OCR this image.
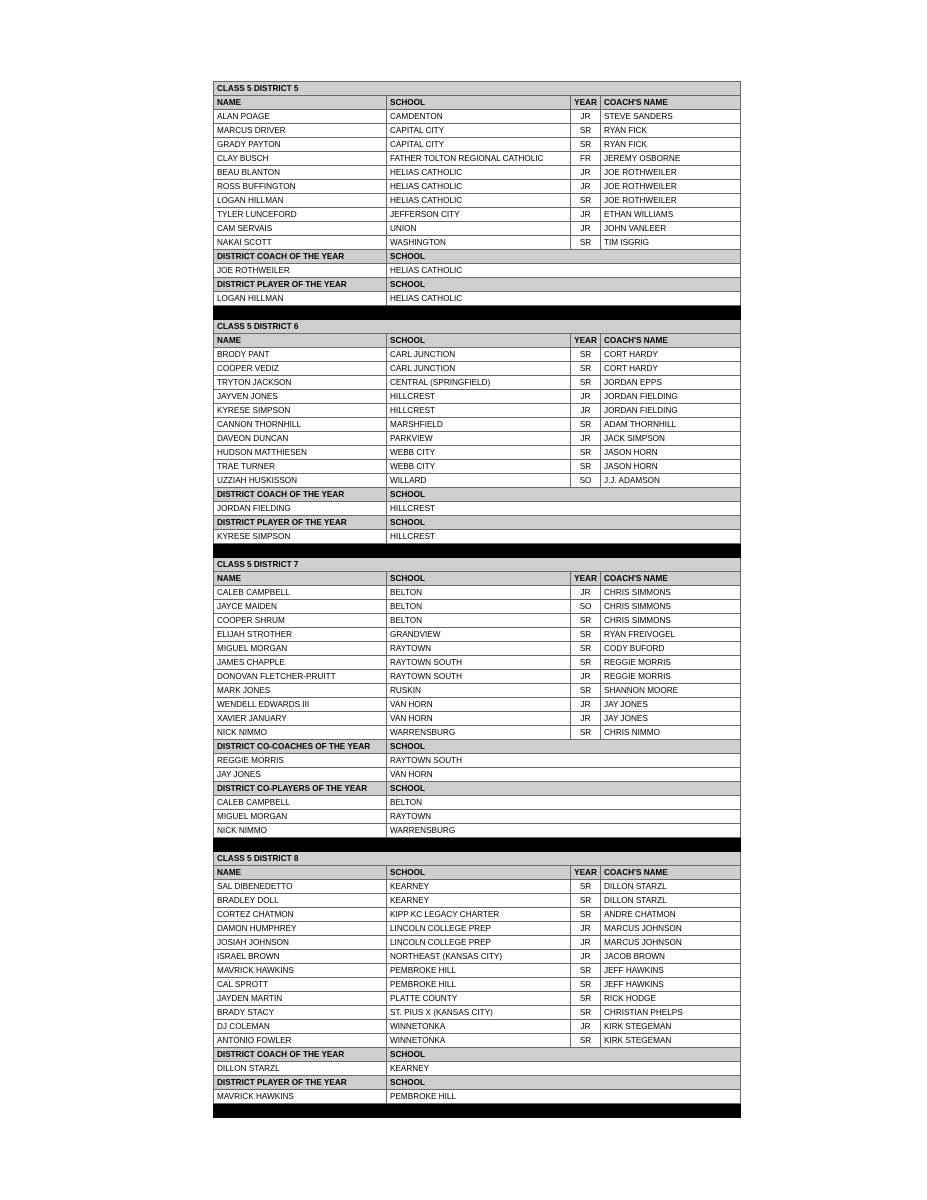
CLASS 5 DISTRICT 5			
NAME	SCHOOL	YEAR	COACH'S NAME
ALAN POAGE	CAMDENTON	JR	STEVE SANDERS
MARCUS DRIVER	CAPITAL CITY	SR	RYAN FICK
GRADY PAYTON	CAPITAL CITY	SR	RYAN FICK
CLAY BUSCH	FATHER TOLTON REGIONAL CATHOLIC	FR	JEREMY OSBORNE
BEAU BLANTON	HELIAS CATHOLIC	JR	JOE ROTHWEILER
ROSS BUFFINGTON	HELIAS CATHOLIC	JR	JOE ROTHWEILER
LOGAN HILLMAN	HELIAS CATHOLIC	SR	JOE ROTHWEILER
TYLER LUNCEFORD	JEFFERSON CITY	JR	ETHAN WILLIAMS
CAM SERVAIS	UNION	JR	JOHN VANLEER
NAKAI SCOTT	WASHINGTON	SR	TIM ISGRIG
DISTRICT COACH OF THE YEAR	SCHOOL		
JOE ROTHWEILER	HELIAS CATHOLIC		
DISTRICT PLAYER OF THE YEAR	SCHOOL		
LOGAN HILLMAN	HELIAS CATHOLIC		

CLASS 5 DISTRICT 6			
NAME	SCHOOL	YEAR	COACH'S NAME
BRODY PANT	CARL JUNCTION	SR	CORT HARDY
COOPER VEDIZ	CARL JUNCTION	SR	CORT HARDY
TRYTON JACKSON	CENTRAL (SPRINGFIELD)	SR	JORDAN EPPS
JAYVEN JONES	HILLCREST	JR	JORDAN FIELDING
KYRESE SIMPSON	HILLCREST	JR	JORDAN FIELDING
CANNON THORNHILL	MARSHFIELD	SR	ADAM THORNHILL
DAVEON DUNCAN	PARKVIEW	JR	JACK SIMPSON
HUDSON MATTHIESEN	WEBB CITY	SR	JASON HORN
TRAE TURNER	WEBB CITY	SR	JASON HORN
UZZIAH HUSKISSON	WILLARD	SO	J.J. ADAMSON
DISTRICT COACH OF THE YEAR	SCHOOL		
JORDAN FIELDING	HILLCREST		
DISTRICT PLAYER OF THE YEAR	SCHOOL		
KYRESE SIMPSON	HILLCREST		

CLASS 5 DISTRICT 7			
NAME	SCHOOL	YEAR	COACH'S NAME
CALEB CAMPBELL	BELTON	JR	CHRIS SIMMONS
JAYCE MAIDEN	BELTON	SO	CHRIS SIMMONS
COOPER SHRUM	BELTON	SR	CHRIS SIMMONS
ELIJAH STROTHER	GRANDVIEW	SR	RYAN FREIVOGEL
MIGUEL MORGAN	RAYTOWN	SR	CODY BUFORD
JAMES CHAPPLE	RAYTOWN SOUTH	SR	REGGIE MORRIS
DONOVAN FLETCHER-PRUITT	RAYTOWN SOUTH	JR	REGGIE MORRIS
MARK JONES	RUSKIN	SR	SHANNON MOORE
WENDELL EDWARDS III	VAN HORN	JR	JAY JONES
XAVIER JANUARY	VAN HORN	JR	JAY JONES
NICK NIMMO	WARRENSBURG	SR	CHRIS NIMMO
DISTRICT CO-COACHES OF THE YEAR	SCHOOL		
REGGIE MORRIS	RAYTOWN SOUTH		
JAY JONES	VAN HORN		
DISTRICT CO-PLAYERS OF THE YEAR	SCHOOL		
CALEB CAMPBELL	BELTON		
MIGUEL MORGAN	RAYTOWN		
NICK NIMMO	WARRENSBURG		

CLASS 5 DISTRICT 8			
NAME	SCHOOL	YEAR	COACH'S NAME
SAL DIBENEDETTO	KEARNEY	SR	DILLON STARZL
BRADLEY DOLL	KEARNEY	SR	DILLON STARZL
CORTEZ CHATMON	KIPP KC LEGACY CHARTER	SR	ANDRE CHATMON
DAMON HUMPHREY	LINCOLN COLLEGE PREP	JR	MARCUS JOHNSON
JOSIAH JOHNSON	LINCOLN COLLEGE PREP	JR	MARCUS JOHNSON
ISRAEL BROWN	NORTHEAST (KANSAS CITY)	JR	JACOB BROWN
MAVRICK HAWKINS	PEMBROKE HILL	SR	JEFF HAWKINS
CAL SPROTT	PEMBROKE HILL	SR	JEFF HAWKINS
JAYDEN MARTIN	PLATTE COUNTY	SR	RICK HODGE
BRADY STACY	ST. PIUS X (KANSAS CITY)	SR	CHRISTIAN PHELPS
DJ COLEMAN	WINNETONKA	JR	KIRK STEGEMAN
ANTONIO FOWLER	WINNETONKA	SR	KIRK STEGEMAN
DISTRICT COACH OF THE YEAR	SCHOOL		
DILLON STARZL	KEARNEY		
DISTRICT PLAYER OF THE YEAR	SCHOOL		
MAVRICK HAWKINS	PEMBROKE HILL		
